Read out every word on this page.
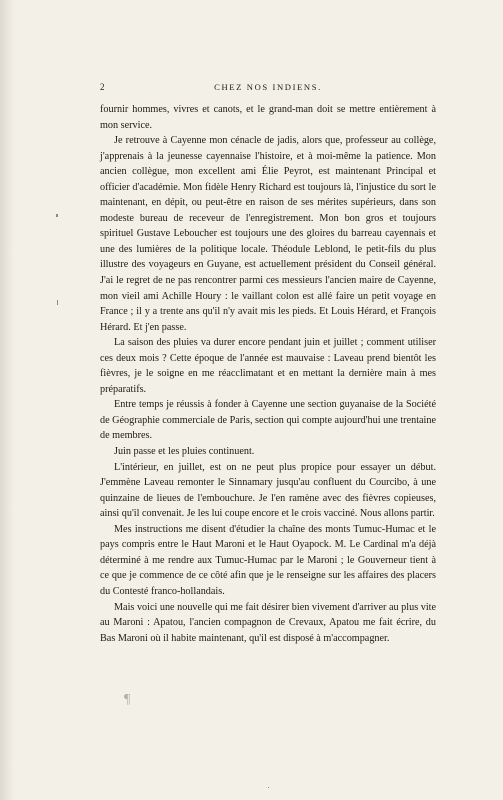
2	CHEZ NOS INDIENS.

fournir hommes, vivres et canots, et le grand-man doit se mettre entièrement à mon service.

Je retrouve à Cayenne mon cénacle de jadis, alors que, professeur au collège, j'apprenais à la jeunesse cayennaise l'histoire, et à moi-même la patience. Mon ancien collègue, mon excellent ami Élie Peyrot, est maintenant Principal et officier d'académie. Mon fidèle Henry Richard est toujours là, l'injustice du sort le maintenant, en dépit, ou peut-être en raison de ses mérites supérieurs, dans son modeste bureau de receveur de l'enregistrement. Mon bon gros et toujours spirituel Gustave Leboucher est toujours une des gloires du barreau cayennais et une des lumières de la politique locale. Théodule Leblond, le petit-fils du plus illustre des voyageurs en Guyane, est actuellement président du Conseil général. J'ai le regret de ne pas rencontrer parmi ces messieurs l'ancien maire de Cayenne, mon vieil ami Achille Houry : le vaillant colon est allé faire un petit voyage en France ; il y a trente ans qu'il n'y avait mis les pieds. Et Louis Hérard, et François Hérard. Et j'en passe.

La saison des pluies va durer encore pendant juin et juillet ; comment utiliser ces deux mois ? Cette époque de l'année est mauvaise : Laveau prend bientôt les fièvres, je le soigne en me réacclimatant et en mettant la dernière main à mes préparatifs.

Entre temps je réussis à fonder à Cayenne une section guyanaise de la Société de Géographie commerciale de Paris, section qui compte aujourd'hui une trentaine de membres.

Juin passe et les pluies continuent.

L'intérieur, en juillet, est on ne peut plus propice pour essayer un début. J'emmène Laveau remonter le Sinnamary jusqu'au confluent du Courcibo, à une quinzaine de lieues de l'embouchure. Je l'en ramène avec des fièvres copieuses, ainsi qu'il convenait. Je les lui coupe encore et le crois vacciné. Nous allons partir.

Mes instructions me disent d'étudier la chaîne des monts Tumuc-Humac et le pays compris entre le Haut Maroni et le Haut Oyapock. M. Le Cardinal m'a déjà déterminé à me rendre aux Tumuc-Humac par le Maroni ; le Gouverneur tient à ce que je commence de ce côté afin que je le renseigne sur les affaires des placers du Contesté franco-hollandais.

Mais voici une nouvelle qui me fait désirer bien vivement d'arriver au plus vite au Maroni : Apatou, l'ancien compagnon de Crevaux, Apatou me fait écrire, du Bas Maroni où il habite maintenant, qu'il est disposé à m'accompagner.

¶
